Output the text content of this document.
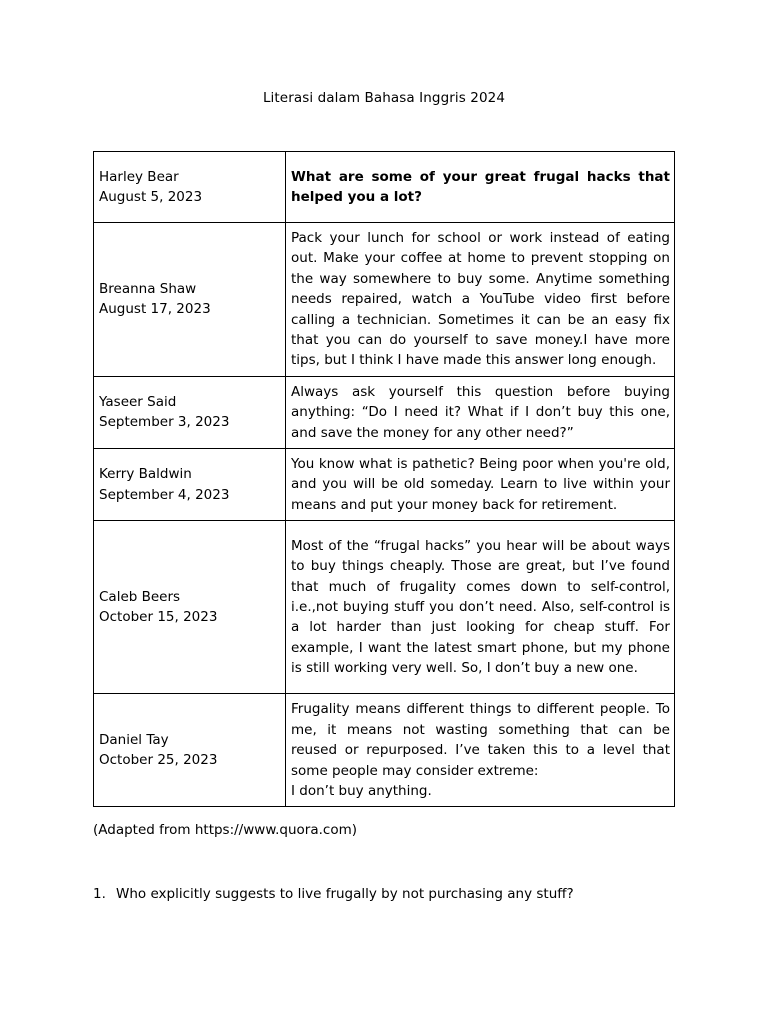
Literasi dalam Bahasa Inggris 2024
Harley Bear
August 5, 2023	What are some of your great frugal hacks that helped you a lot?

Breanna Shaw
August 17, 2023	Pack your lunch for school or work instead of eating out. Make your coffee at home to prevent stopping on the way somewhere to buy some. Anytime something needs repaired, watch a YouTube video first before calling a technician. Sometimes it can be an easy fix that you can do yourself to save money.I have more tips, but I think I have made this answer long enough.

Yaseer Said
September 3, 2023	Always ask yourself this question before buying anything: “Do I need it? What if I don’t buy this one, and save the money for any other need?”

Kerry Baldwin
September 4, 2023	You know what is pathetic? Being poor when you're old, and you will be old someday. Learn to live within your means and put your money back for retirement.

Caleb Beers
October 15, 2023	Most of the “frugal hacks” you hear will be about ways to buy things cheaply. Those are great, but I’ve found that much of frugality comes down to self-control, i.e.,not buying stuff you don’t need. Also, self-control is a lot harder than just looking for cheap stuff. For example, I want the latest smart phone, but my phone is still working very well. So, I don’t buy a new one.

Daniel Tay
October 25, 2023	Frugality means different things to different people. To me, it means not wasting something that can be reused or repurposed. I’ve taken this to a level that some people may consider extreme:
I don’t buy anything.
(Adapted from https://www.quora.com)
1. Who explicitly suggests to live frugally by not purchasing any stuff?
